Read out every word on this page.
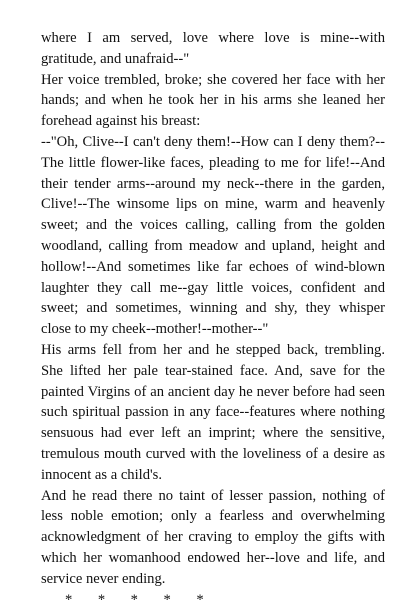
where I am served, love where love is mine--with gratitude, and unafraid--"

Her voice trembled, broke; she covered her face with her hands; and when he took her in his arms she leaned her forehead against his breast:

--"Oh, Clive--I can't deny them!--How can I deny them?--The little flower-like faces, pleading to me for life!--And their tender arms--around my neck--there in the garden, Clive!--The winsome lips on mine, warm and heavenly sweet; and the voices calling, calling from the golden woodland, calling from meadow and upland, height and hollow!--And sometimes like far echoes of wind-blown laughter they call me--gay little voices, confident and sweet; and sometimes, winning and shy, they whisper close to my cheek--mother!--mother--"

His arms fell from her and he stepped back, trembling. She lifted her pale tear-stained face. And, save for the painted Virgins of an ancient day he never before had seen such spiritual passion in any face--features where nothing sensuous had ever left an imprint; where the sensitive, tremulous mouth curved with the loveliness of a desire as innocent as a child's.

And he read there no taint of lesser passion, nothing of less noble emotion; only a fearless and overwhelming acknowledgment of her craving to employ the gifts with which her womanhood endowed her--love and life, and service never ending.

*       *       *       *       *
